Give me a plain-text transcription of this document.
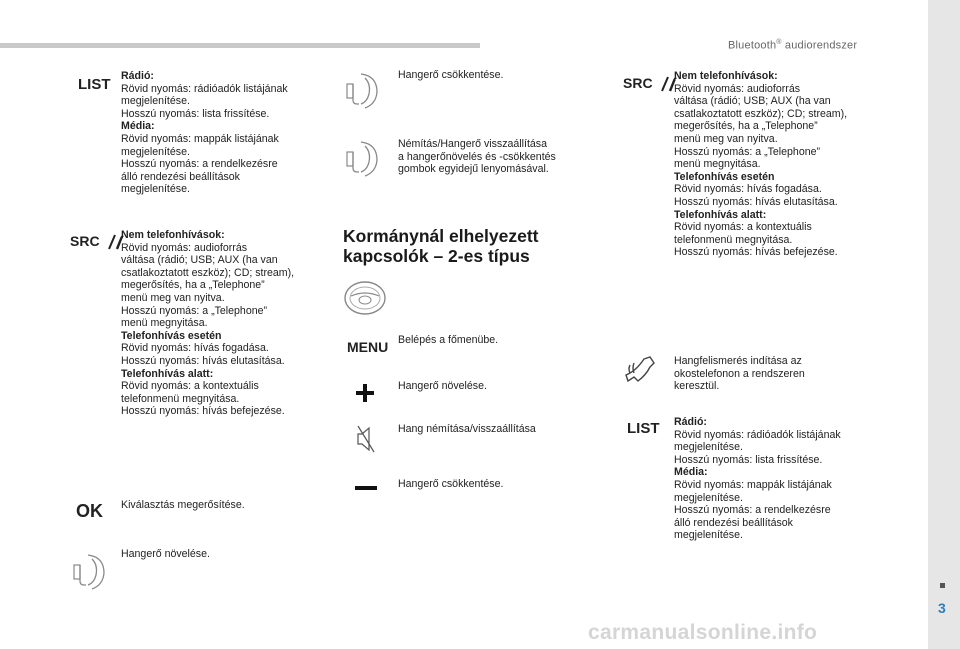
Bluetooth® audiorendszer
3
carmanualsonline.info
LIST Rádió:
Rövid nyomás: rádióadók listájának
megjelenítése.
Hosszú nyomás: lista frissítése.
Média:
Rövid nyomás: mappák listájának
megjelenítése.
Hosszú nyomás: a rendelkezésre
álló rendezési beállítások
megjelenítése.
SRC Nem telefonhívások:
Rövid nyomás: audioforrás
váltása (rádió; USB; AUX (ha van
csatlakoztatott eszköz); CD; stream),
megerősítés, ha a „Telephone”
menü meg van nyitva.
Hosszú nyomás: a „Telephone”
menü megnyitása.
Telefonhívás esetén
Rövid nyomás: hívás fogadása.
Hosszú nyomás: hívás elutasítása.
Telefonhívás alatt:
Rövid nyomás: a kontextuális
telefonmenü megnyitása.
Hosszú nyomás: hívás befejezése.
OK Kiválasztás megerősítése.
Hangerő növelése.
Hangerő csökkentése.
Némítás/Hangerő visszaállítása
a hangerőnövelés és -csökkentés
gombok egyidejű lenyomásával.
Kormánynál elhelyezett
kapcsolók – 2-es típus
MENU Belépés a főmenübe.
Hangerő növelése.
Hang némítása/visszaállítása
Hangerő csökkentése.
SRC Nem telefonhívások:
Rövid nyomás: audioforrás
váltása (rádió; USB; AUX (ha van
csatlakoztatott eszköz); CD; stream),
megerősítés, ha a „Telephone”
menü meg van nyitva.
Hosszú nyomás: a „Telephone”
menü megnyitása.
Telefonhívás esetén
Rövid nyomás: hívás fogadása.
Hosszú nyomás: hívás elutasítása.
Telefonhívás alatt:
Rövid nyomás: a kontextuális
telefonmenü megnyitása.
Hosszú nyomás: hívás befejezése.
Hangfelismerés indítása az
okostelefonon a rendszeren
keresztül.
LIST Rádió:
Rövid nyomás: rádióadók listájának
megjelenítése.
Hosszú nyomás: lista frissítése.
Média:
Rövid nyomás: mappák listájának
megjelenítése.
Hosszú nyomás: a rendelkezésre
álló rendezési beállítások
megjelenítése.
